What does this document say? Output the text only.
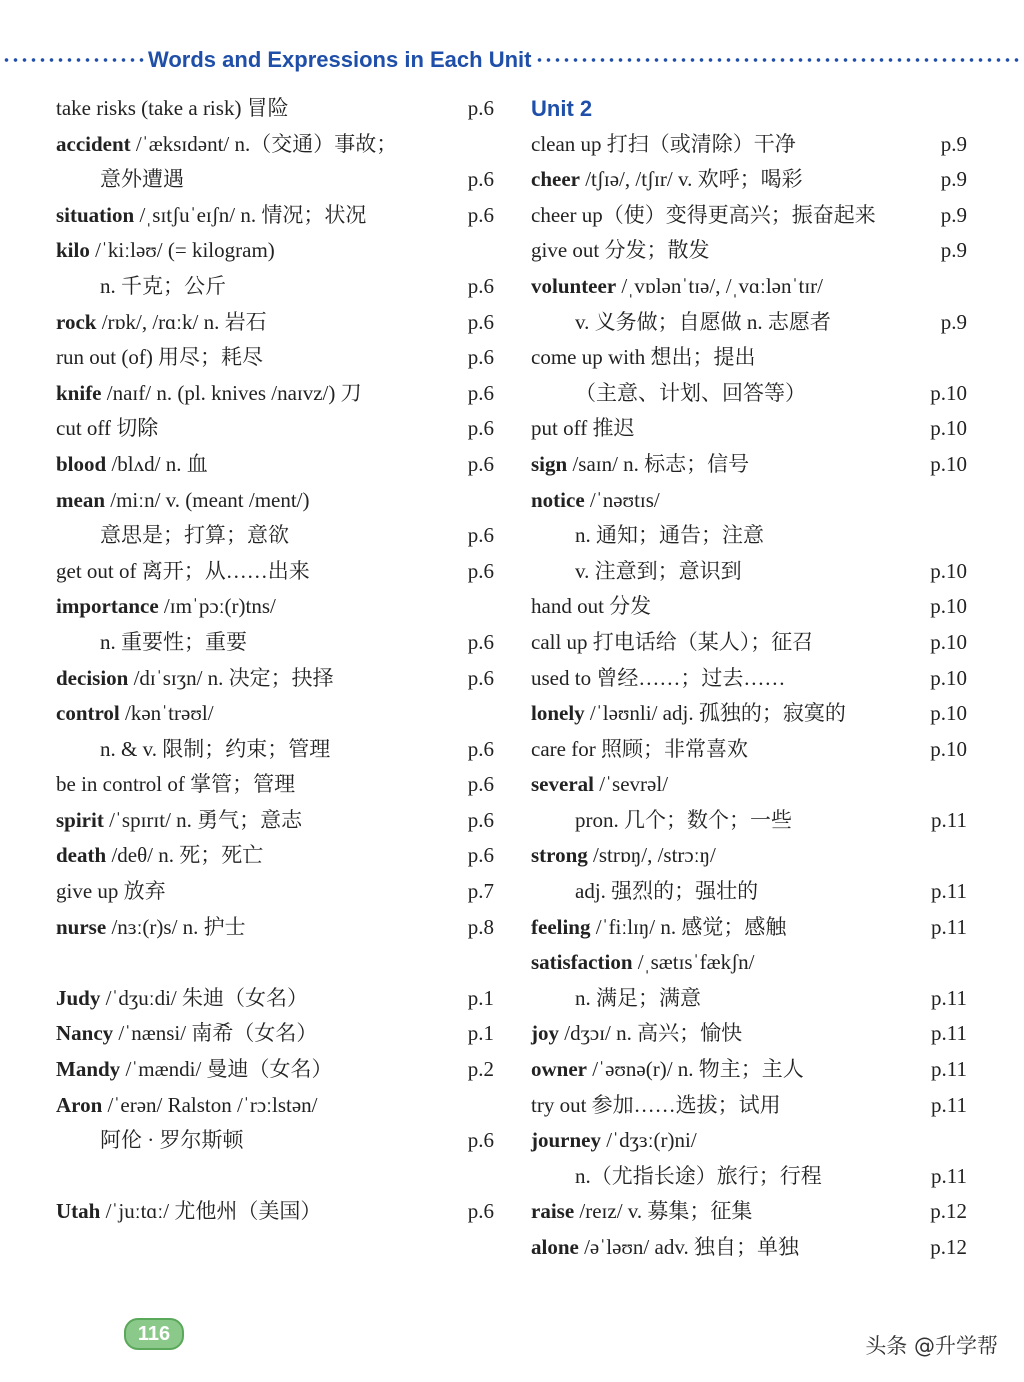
Words and Expressions in Each Unit
take risks (take a risk) 冒险	p.6
accident /ˈæksɪdənt/ n.（交通）事故；
意外遭遇	p.6
situation /ˌsɪtʃuˈeɪʃn/ n. 情况；状况	p.6
kilo /ˈkiːləʊ/ (= kilogram)
n. 千克；公斤	p.6
rock /rɒk/, /rɑːk/ n. 岩石	p.6
run out (of) 用尽；耗尽	p.6
knife /naɪf/ n. (pl. knives /naɪvz/) 刀	p.6
cut off 切除	p.6
blood /blʌd/ n. 血	p.6
mean /miːn/ v. (meant /ment/)
意思是；打算；意欲	p.6
get out of 离开；从……出来	p.6
importance /ɪmˈpɔː(r)tns/
n. 重要性；重要	p.6
decision /dɪˈsɪʒn/ n. 决定；抉择	p.6
control /kənˈtrəʊl/
n. & v. 限制；约束；管理	p.6
be in control of 掌管；管理	p.6
spirit /ˈspɪrɪt/ n. 勇气；意志	p.6
death /deθ/ n. 死；死亡	p.6
give up 放弃	p.7
nurse /nɜː(r)s/ n. 护士	p.8
Judy /ˈdʒuːdi/ 朱迪（女名）	p.1
Nancy /ˈnænsi/ 南希（女名）	p.1
Mandy /ˈmændi/ 曼迪（女名）	p.2
Aron /ˈerən/ Ralston /ˈrɔːlstən/
阿伦 · 罗尔斯顿	p.6
Utah /ˈjuːtɑː/ 尤他州（美国）	p.6
Unit 2
clean up 打扫（或清除）干净	p.9
cheer /tʃɪə/, /tʃɪr/ v. 欢呼；喝彩	p.9
cheer up（使）变得更高兴；振奋起来	p.9
give out 分发；散发	p.9
volunteer /ˌvɒlənˈtɪə/, /ˌvɑːlənˈtɪr/
v. 义务做；自愿做 n. 志愿者	p.9
come up with 想出；提出
（主意、计划、回答等）	p.10
put off 推迟	p.10
sign /saɪn/ n. 标志；信号	p.10
notice /ˈnəʊtɪs/
n. 通知；通告；注意
v. 注意到；意识到	p.10
hand out 分发	p.10
call up 打电话给（某人）；征召	p.10
used to 曾经……；过去……	p.10
lonely /ˈləʊnli/ adj. 孤独的；寂寞的	p.10
care for 照顾；非常喜欢	p.10
several /ˈsevrəl/
pron. 几个；数个；一些	p.11
strong /strɒŋ/, /strɔːŋ/
adj. 强烈的；强壮的	p.11
feeling /ˈfiːlɪŋ/ n. 感觉；感触	p.11
satisfaction /ˌsætɪsˈfækʃn/
n. 满足；满意	p.11
joy /dʒɔɪ/ n. 高兴；愉快	p.11
owner /ˈəʊnə(r)/ n. 物主；主人	p.11
try out 参加……选拔；试用	p.11
journey /ˈdʒɜː(r)ni/
n.（尤指长途）旅行；行程	p.11
raise /reɪz/ v. 募集；征集	p.12
alone /əˈləʊn/ adv. 独自；单独	p.12
116	头条 @升学帮
